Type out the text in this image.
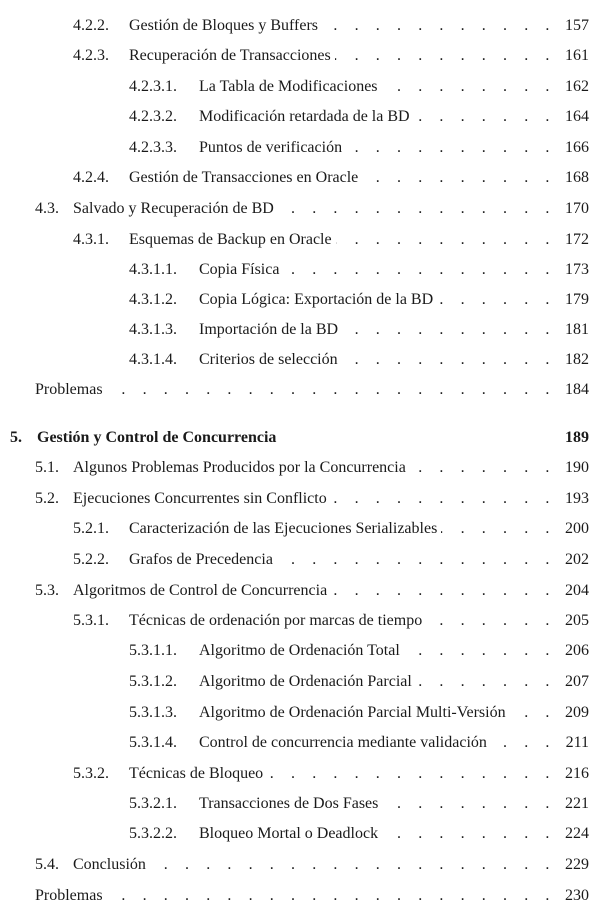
4.2.2. . . . Gestión de Bloques y Buffers	157
4.2.3. . . . Recuperación de Transacciones	161
4.2.3.1. . . . La Tabla de Modificaciones	162
4.2.3.2. . . . Modificación retardada de la BD	164
4.2.3.3. . . . Puntos de verificación	166
4.2.4. . . . Gestión de Transacciones en Oracle	168
4.3. . . . Salvado y Recuperación de BD	170
4.3.1. . . . Esquemas de Backup en Oracle	172
4.3.1.1. . . . Copia Física	173
4.3.1.2. . . . Copia Lógica: Exportación de la BD	179
4.3.1.3. . . . Importación de la BD	181
4.3.1.4. . . . Criterios de selección	182
. . .
Problemas	184
5. Gestión y Control de Concurrencia	189
5.1. . . . Algunos Problemas Producidos por la Concurrencia	190
5.2. . . . Ejecuciones Concurrentes sin Conflicto	193
5.2.1. . . . Caracterización de las Ejecuciones Serializables	200
5.2.2. . . . Grafos de Precedencia	202
5.3. . . . Algoritmos de Control de Concurrencia	204
5.3.1. . . . Técnicas de ordenación por marcas de tiempo	205
5.3.1.1. . . . Algoritmo de Ordenación Total	206
5.3.1.2. . . . Algoritmo de Ordenación Parcial	207
5.3.1.3. . . . Algoritmo de Ordenación Parcial Multi-Versión	209
5.3.1.4. . . . Control de concurrencia mediante validación	211
5.3.2. . . . Técnicas de Bloqueo	216
5.3.2.1. . . . Transacciones de Dos Fases	221
5.3.2.2. . . . Bloqueo Mortal o Deadlock	224
5.4. . . . Conclusión	229
. . .
Problemas	230
